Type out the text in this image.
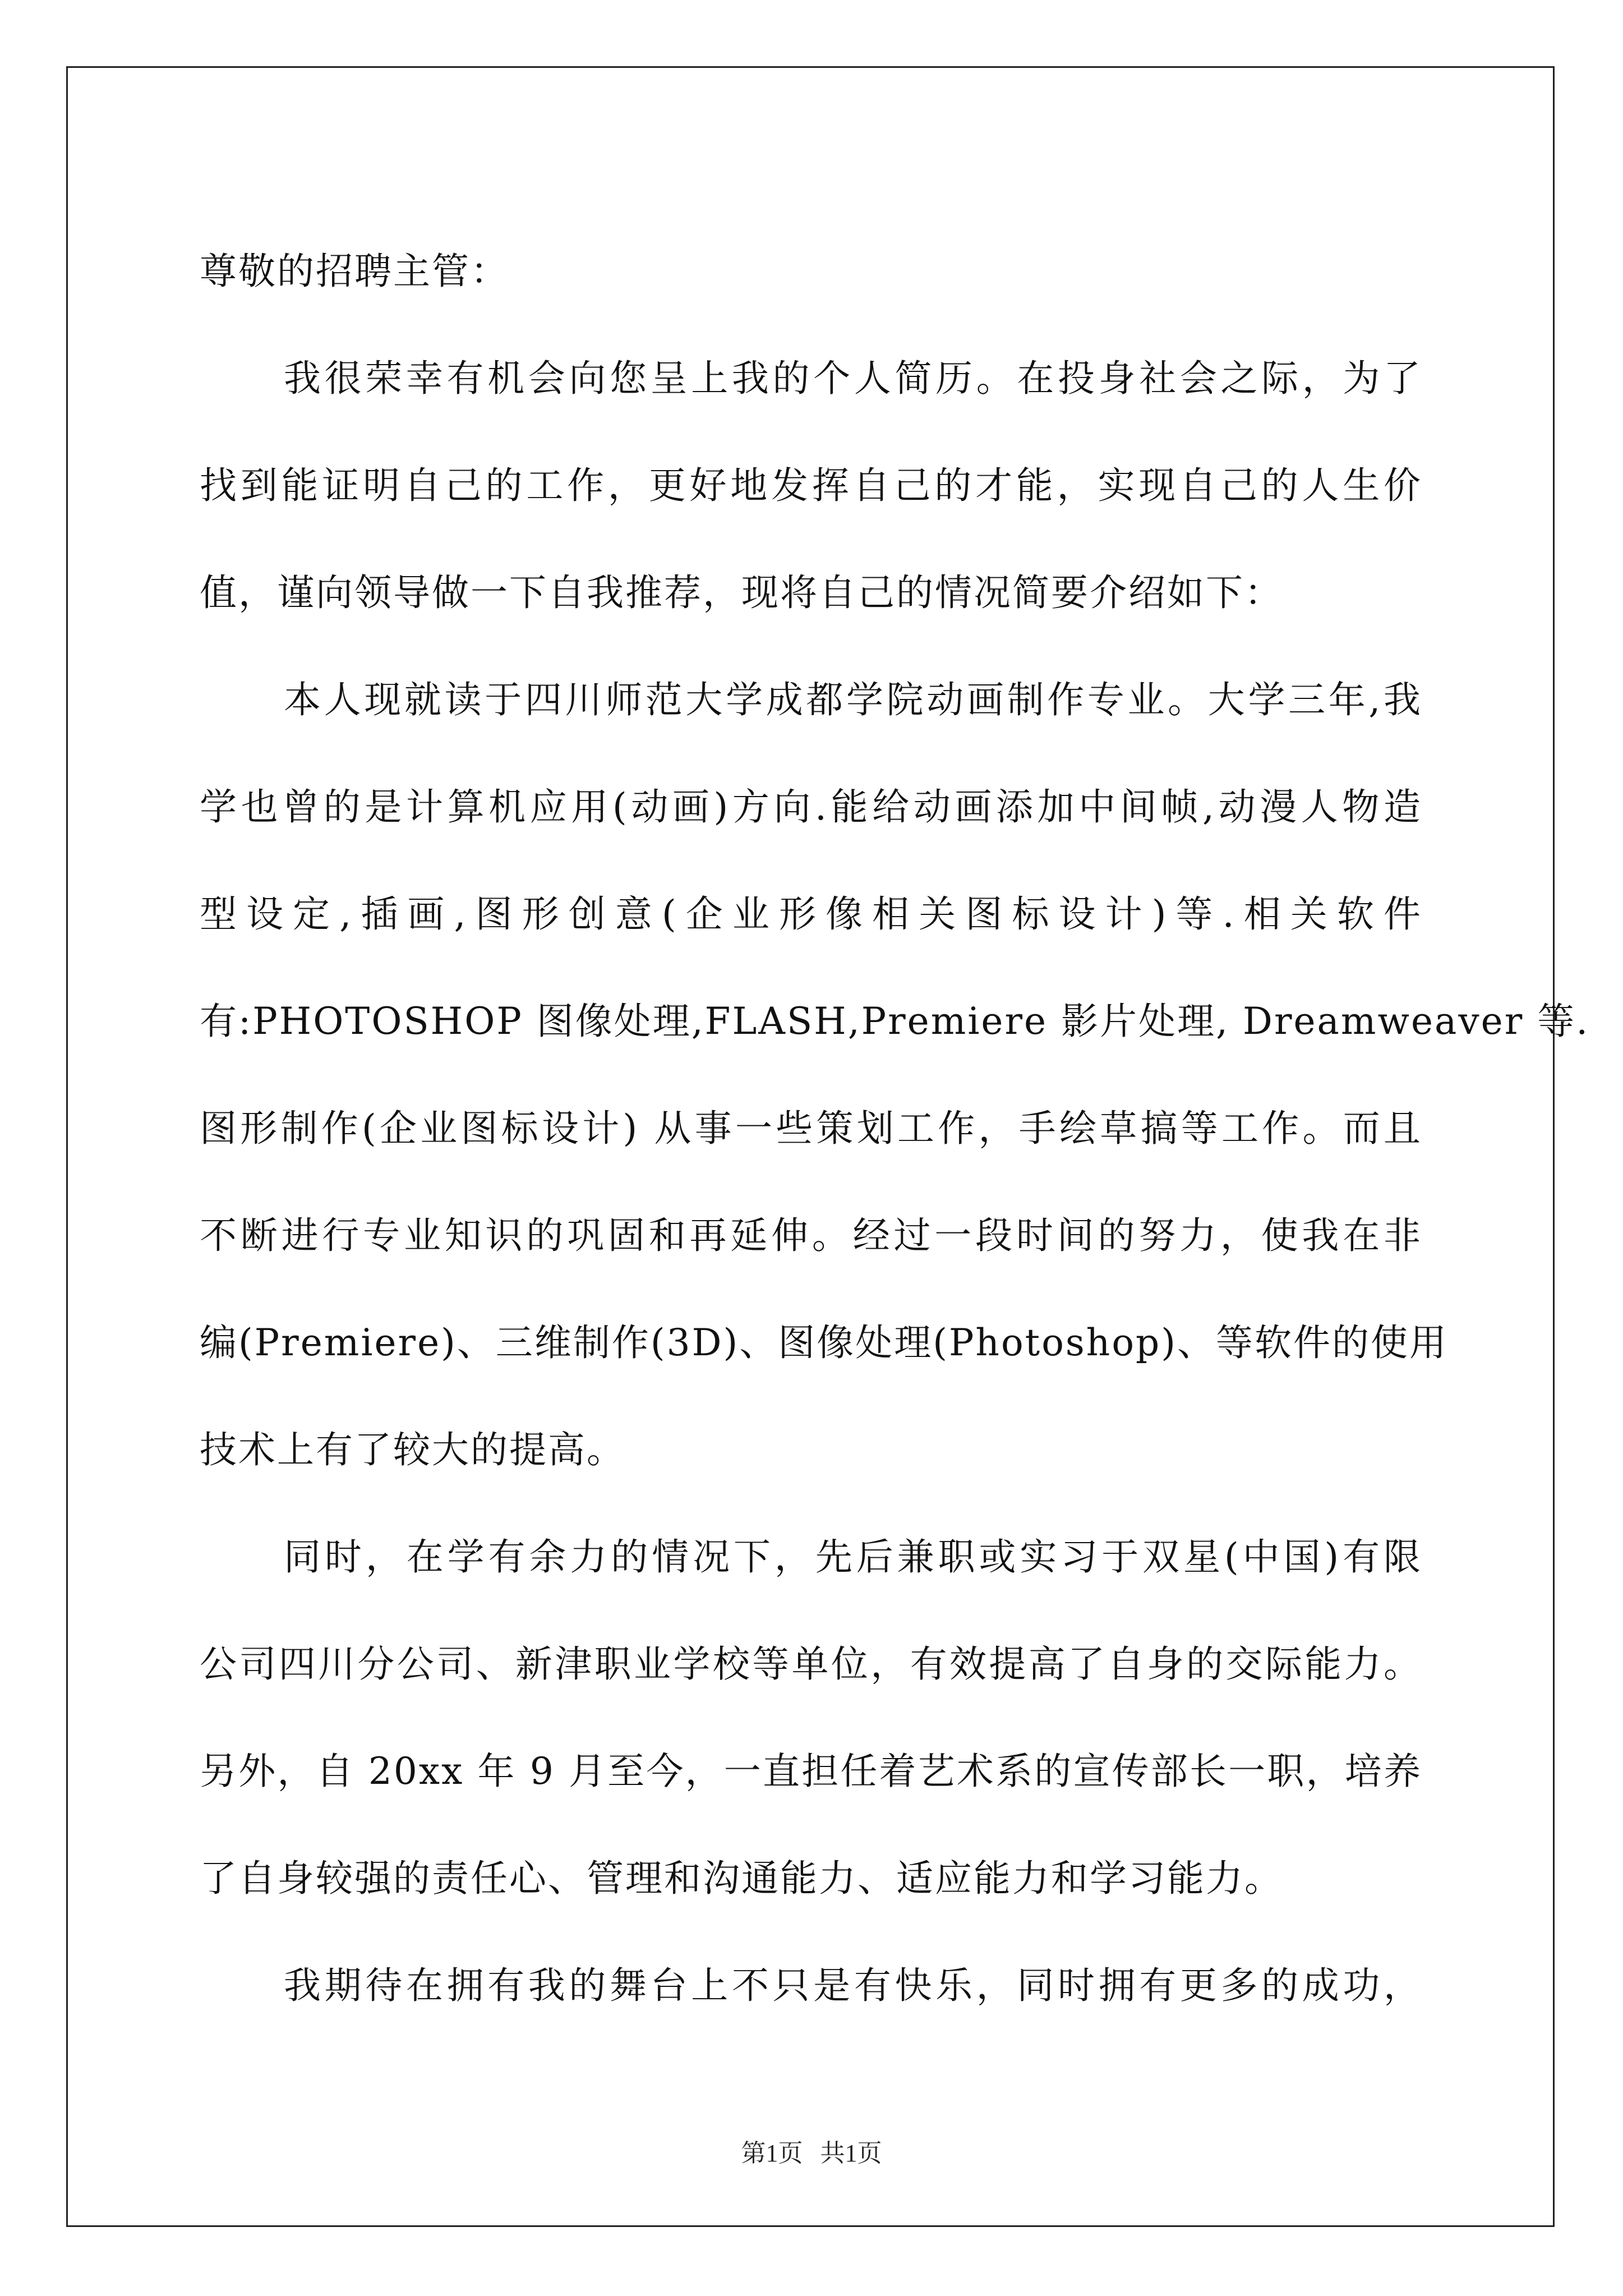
尊敬的招聘主管：
我很荣幸有机会向您呈上我的个人简历。在投身社会之际，为了
找到能证明自己的工作，更好地发挥自己的才能，实现自己的人生价
值，谨向领导做一下自我推荐，现将自己的情况简要介绍如下：
本人现就读于四川师范大学成都学院动画制作专业。大学三年,我
学也曾的是计算机应用(动画)方向.能给动画添加中间帧,动漫人物造
型设定,插画,图形创意(企业形像相关图标设计)等.相关软件
有:PHOTOSHOP 图像处理,FLASH,Premiere 影片处理, Dreamweaver 等.
图形制作(企业图标设计) 从事一些策划工作，手绘草搞等工作。而且
不断进行专业知识的巩固和再延伸。经过一段时间的努力，使我在非
编(Premiere)、三维制作(3D)、图像处理(Photoshop)、等软件的使用
技术上有了较大的提高。
同时，在学有余力的情况下，先后兼职或实习于双星(中国)有限
公司四川分公司、新津职业学校等单位，有效提高了自身的交际能力。
另外，自 20xx 年 9 月至今，一直担任着艺术系的宣传部长一职，培养
了自身较强的责任心、管理和沟通能力、适应能力和学习能力。
我期待在拥有我的舞台上不只是有快乐，同时拥有更多的成功，
第1页 共1页
